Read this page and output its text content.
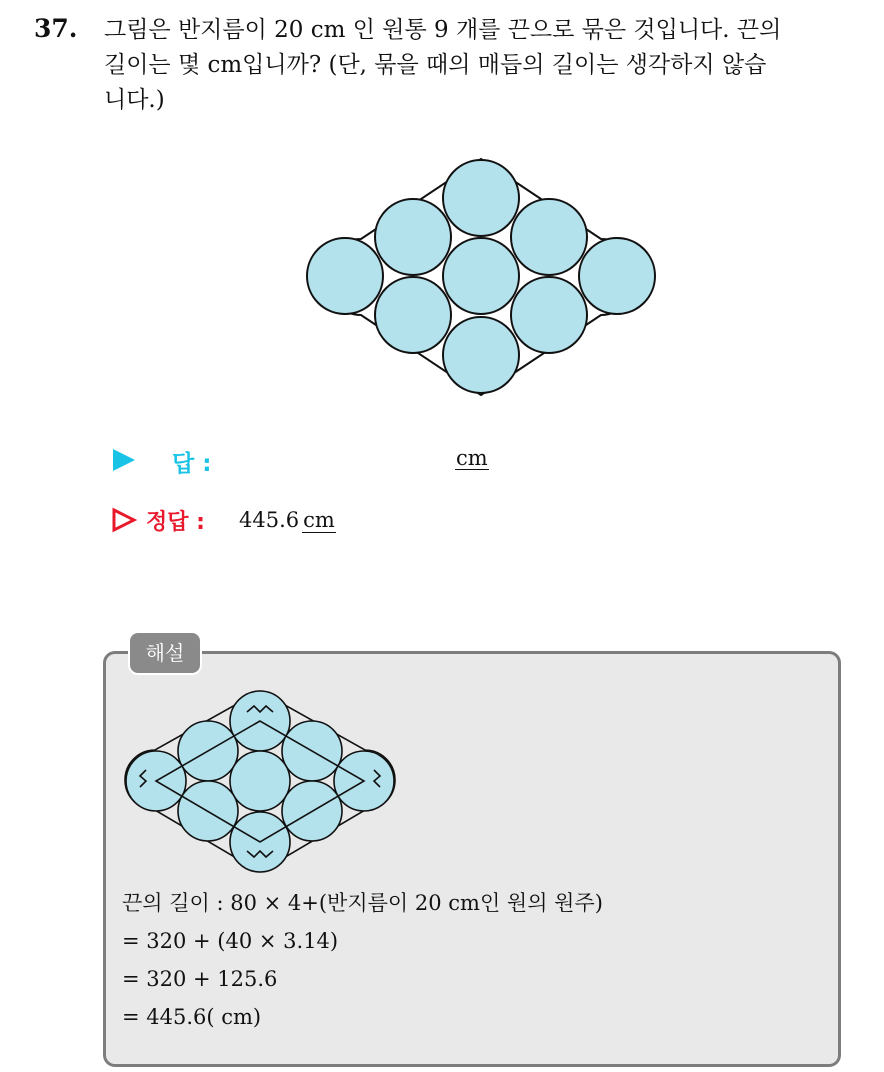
37. 그림은 반지름이 20 cm 인 원통 9 개를 끈으로 묶은 것입니다. 끈의
길이는 몇 cm입니까? (단, 묶을 때의 매듭의 길이는 생각하지 않습
니다.)
답 :	cm
정답 : 445.6 cm
해설
끈의 길이 : 80 × 4+(반지름이 20 cm인 원의 원주)
= 320 + (40 × 3.14)
= 320 + 125.6
= 445.6( cm)
